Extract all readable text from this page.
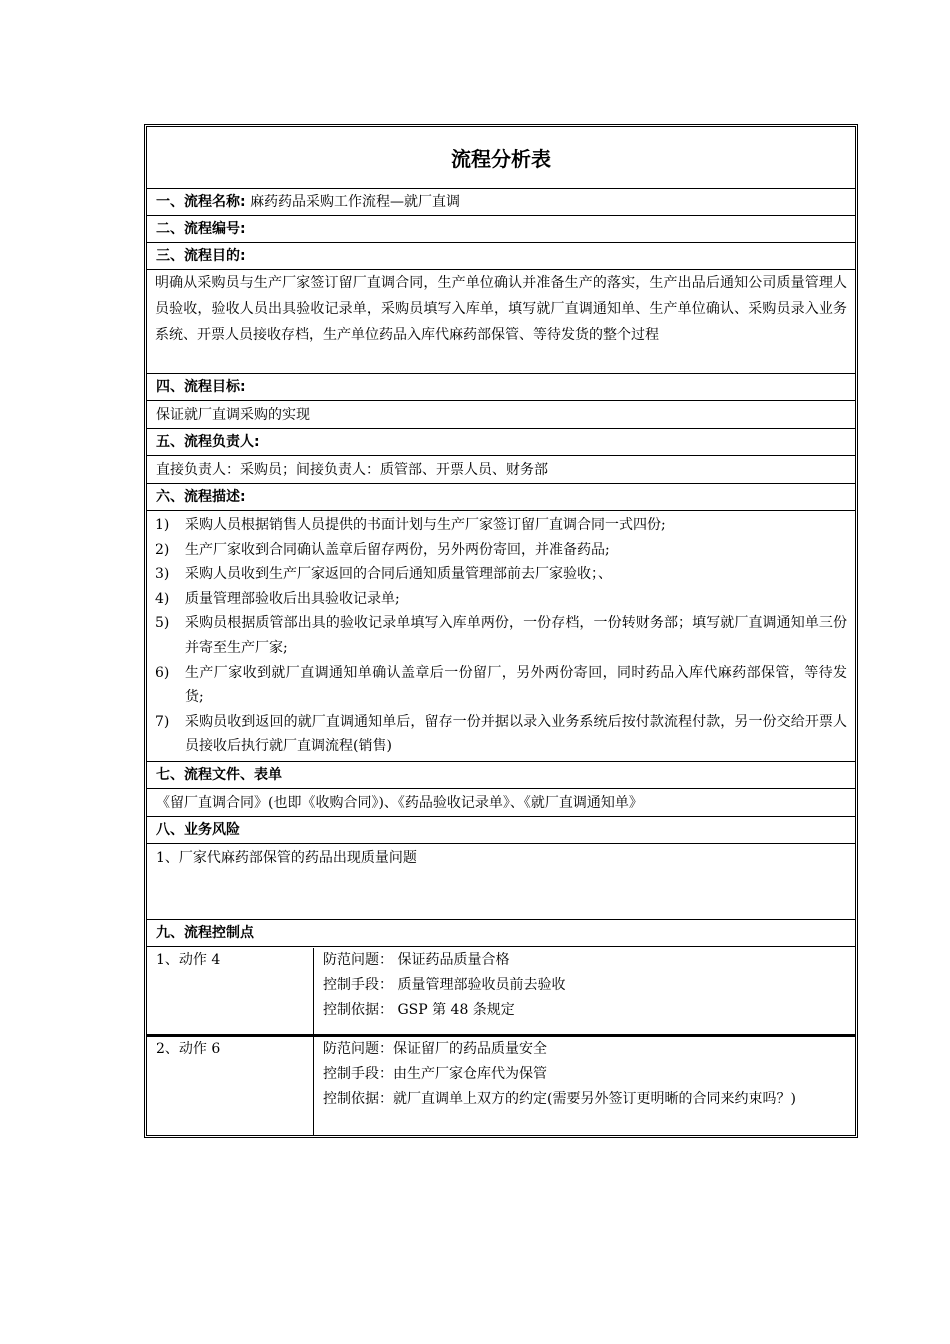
流程分析表
一、流程名称: 麻药药品采购工作流程—就厂直调
二、流程编号:
三、流程目的:
明确从采购员与生产厂家签订留厂直调合同，生产单位确认并准备生产的落实，生产出品后通知公司质量管理人员验收，验收人员出具验收记录单，采购员填写入库单，填写就厂直调通知单、生产单位确认、采购员录入业务系统、开票人员接收存档，生产单位药品入库代麻药部保管、等待发货的整个过程
四、流程目标:
保证就厂直调采购的实现
五、流程负责人:
直接负责人：采购员；间接负责人：质管部、开票人员、财务部
六、流程描述:
1)	采购人员根据销售人员提供的书面计划与生产厂家签订留厂直调合同一式四份;
2)	生产厂家收到合同确认盖章后留存两份，另外两份寄回，并准备药品;
3)	采购人员收到生产厂家返回的合同后通知质量管理部前去厂家验收；、
4)	质量管理部验收后出具验收记录单;
5)	采购员根据质管部出具的验收记录单填写入库单两份，一份存档，一份转财务部；填写就厂直调通知单三份并寄至生产厂家;
6)	生产厂家收到就厂直调通知单确认盖章后一份留厂，另外两份寄回，同时药品入库代麻药部保管，等待发货;
7)	采购员收到返回的就厂直调通知单后，留存一份并据以录入业务系统后按付款流程付款，另一份交给开票人员接收后执行就厂直调流程(销售)
七、流程文件、表单
《留厂直调合同》(也即《收购合同》)、《药品验收记录单》、《就厂直调通知单》
八、业务风险
1、厂家代麻药部保管的药品出现质量问题
九、流程控制点
1、动作 4	防范问题： 保证药品质量合格
控制手段： 质量管理部验收员前去验收
控制依据： GSP 第 48 条规定
2、动作 6	防范问题：保证留厂的药品质量安全
控制手段：由生产厂家仓库代为保管
控制依据：就厂直调单上双方的约定(需要另外签订更明晰的合同来约束吗？)
